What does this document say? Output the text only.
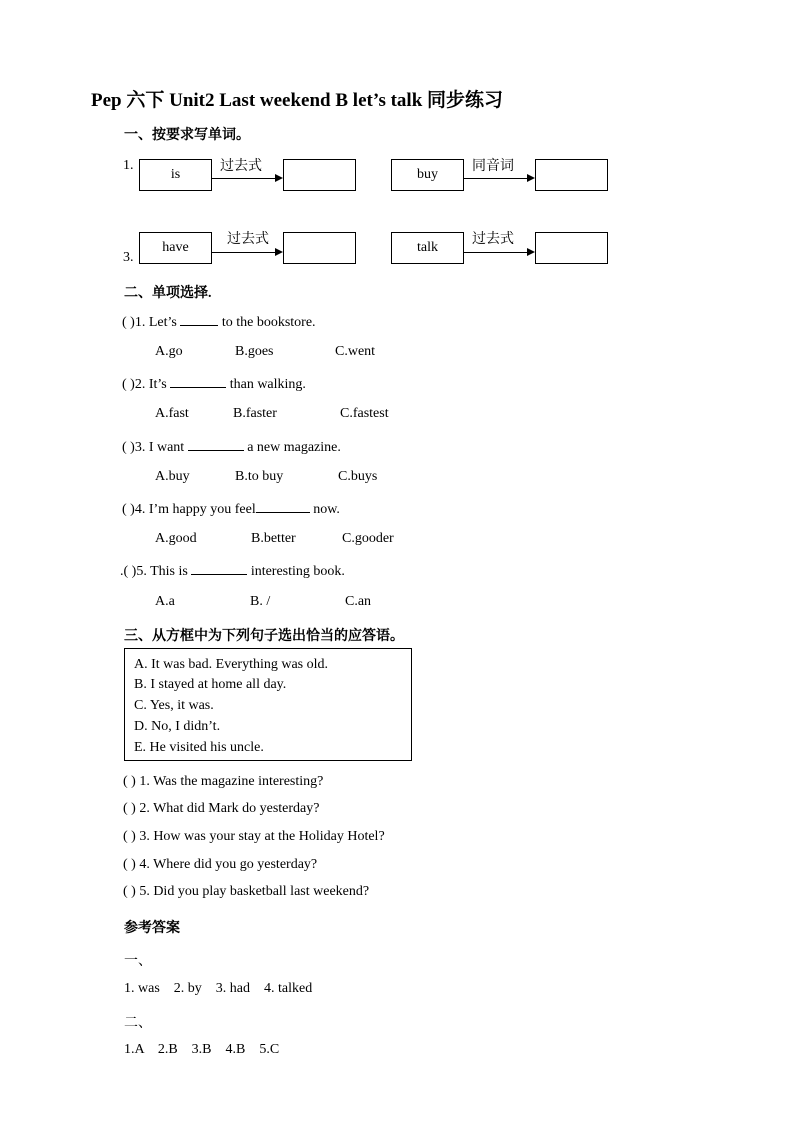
Pep 六下 Unit2 Last weekend B let’s talk 同步练习
一、按要求写单词。
1.
is
过去式
buy
同音词
3.
have
过去式
talk
过去式
二、单项选择.
( )1. Let’s	to the bookstore.
A.go	B.goes	C.went
( )2. It’s	than walking.
A.fast	B.faster	C.fastest
( )3. I want	a new magazine.
A.buy	B.to buy	C.buys
( )4. I’m happy you feel	now.
A.good	B.better	C.gooder
.( )5. This is	interesting book.
A.a	B. /	C.an
三、从方框中为下列句子选出恰当的应答语。
A. It was bad. Everything was old.
B. I stayed at home all day.
C. Yes, it was.
D. No, I didn’t.
E. He visited his uncle.
( ) 1. Was the magazine interesting?
( ) 2. What did Mark do yesterday?
( ) 3. How was your stay at the Holiday Hotel?
( ) 4. Where did you go yesterday?
( ) 5. Did you play basketball last weekend?
参考答案
一、
1. was    2. by    3. had    4. talked
二、
1.A    2.B    3.B    4.B    5.C
